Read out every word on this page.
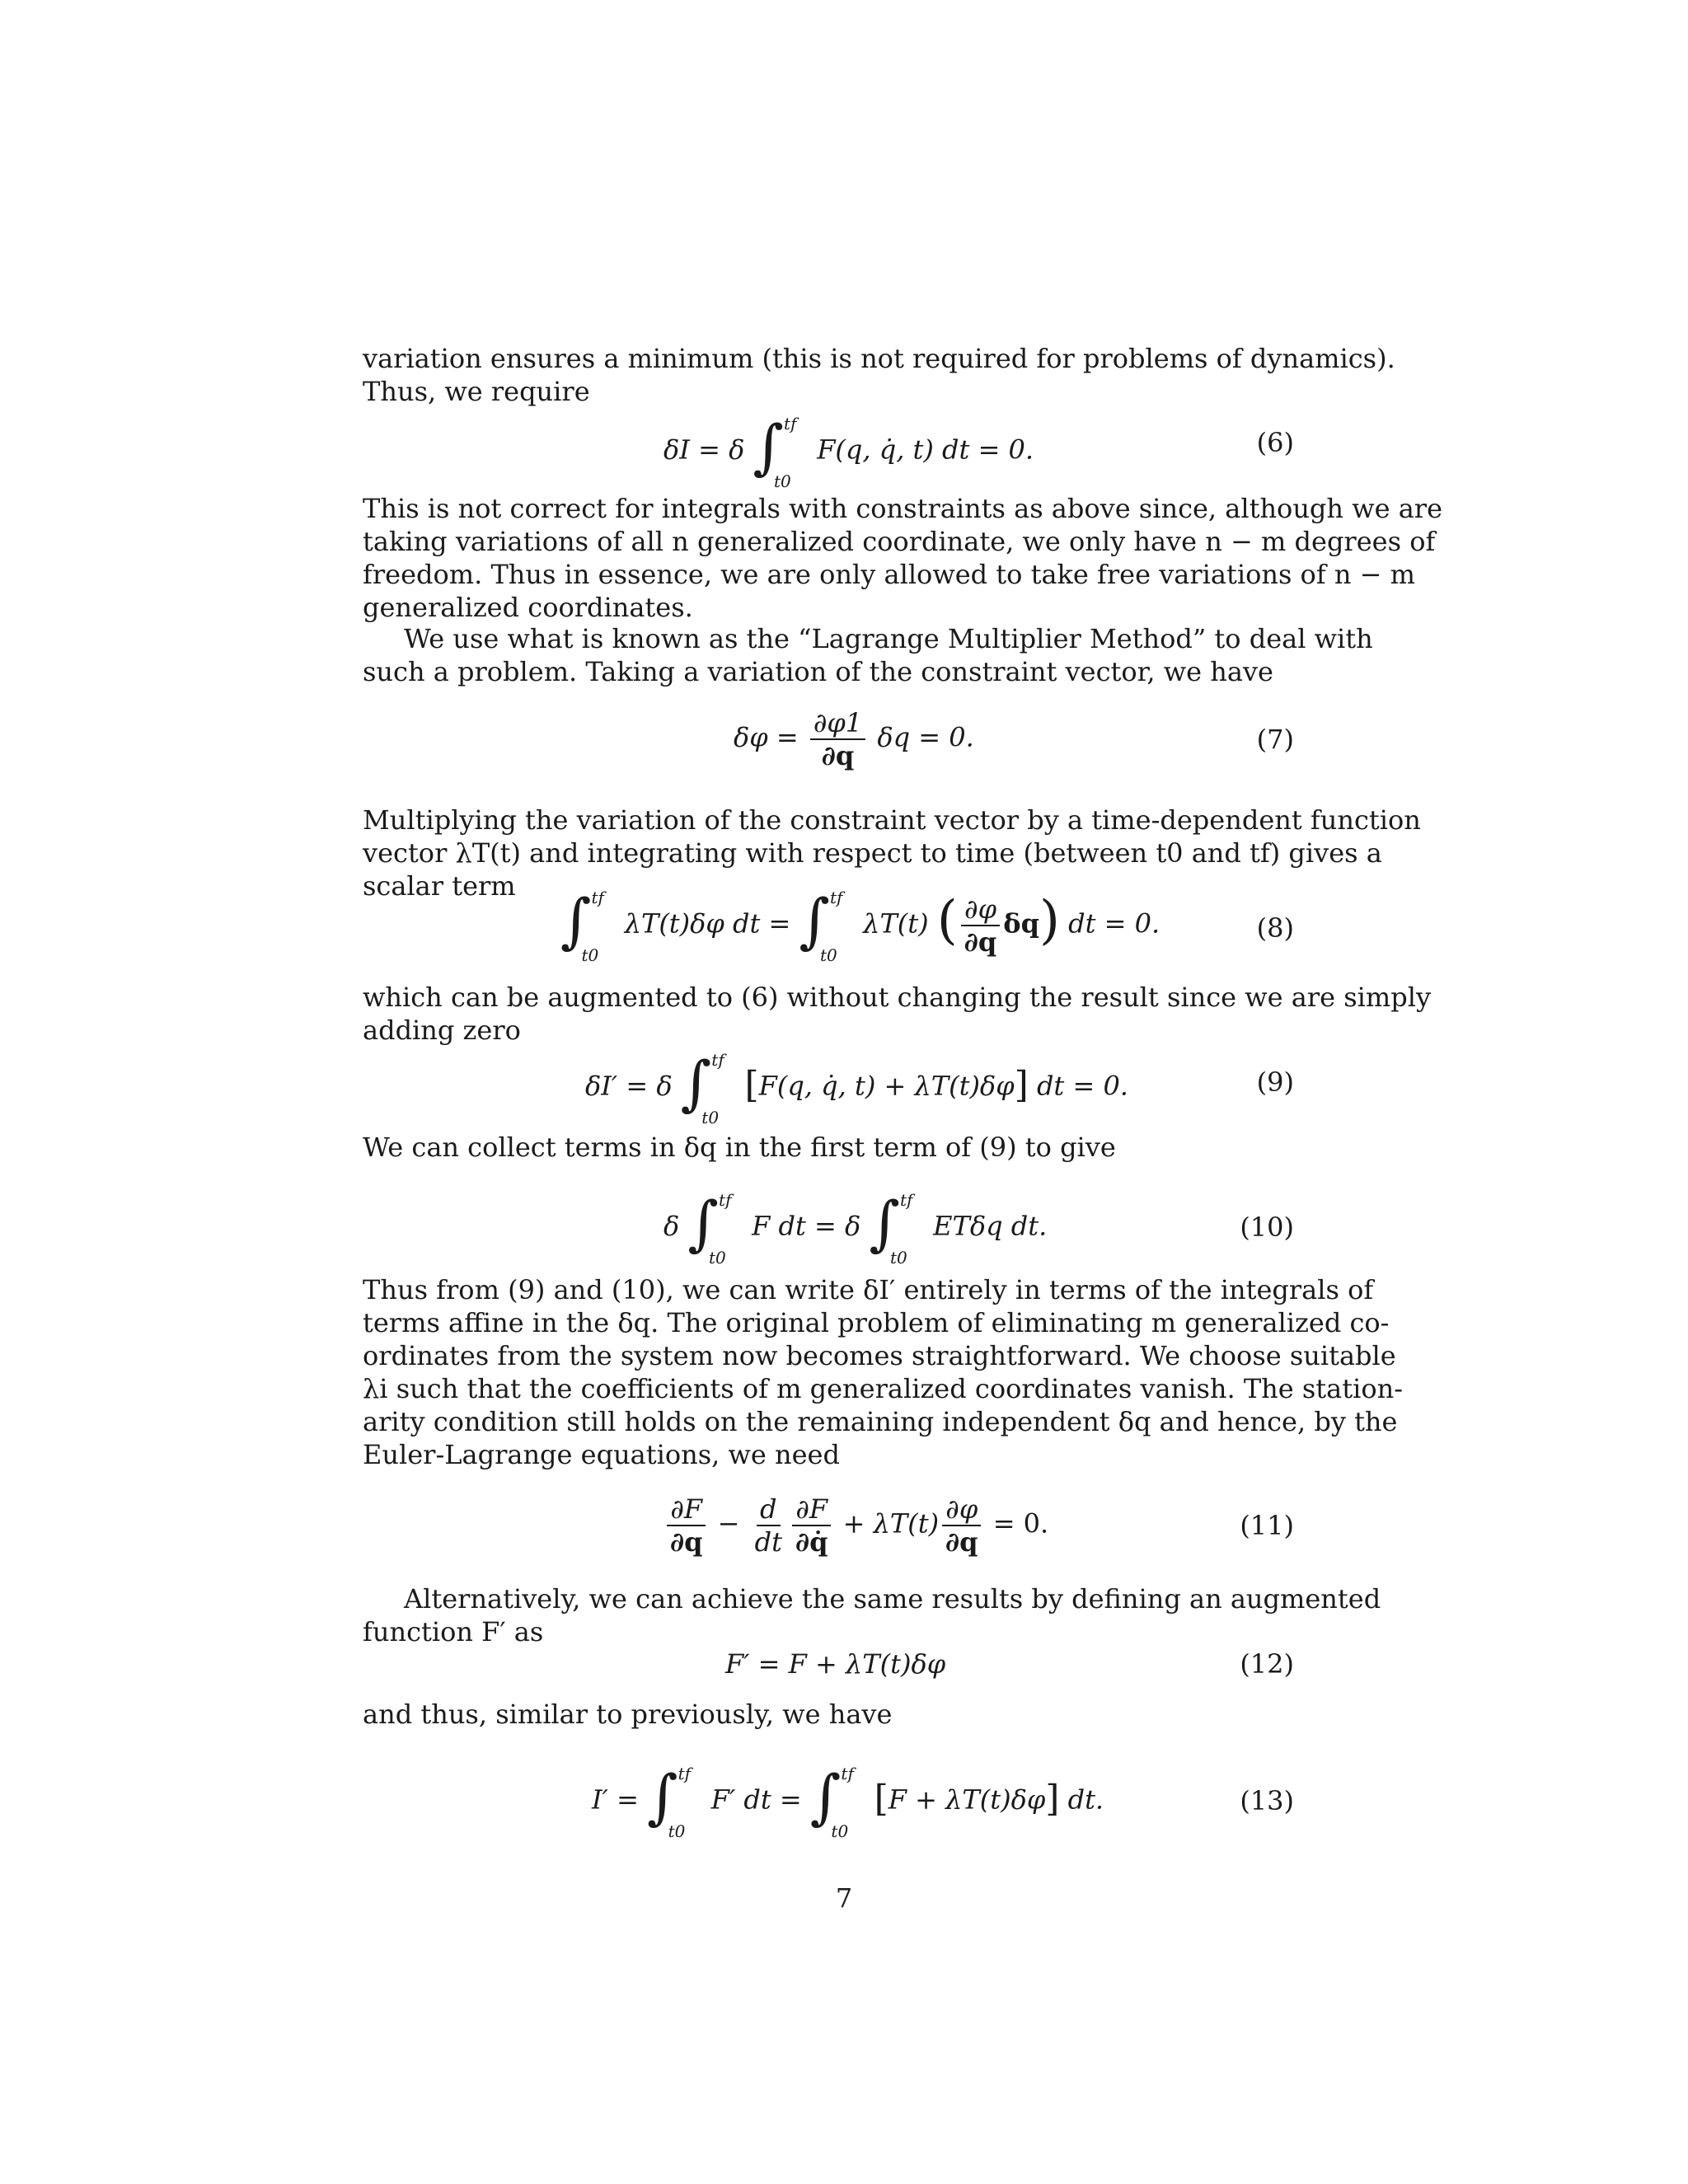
variation ensures a minimum (this is not required for problems of dynamics).
Thus, we require
δI = δ ∫ tf
t0
F(q, q̇, t) dt = 0.	(6)
This is not correct for integrals with constraints as above since, although we are
taking variations of all n generalized coordinate, we only have n − m degrees of
freedom. Thus in essence, we are only allowed to take free variations of n − m
generalized coordinates.
We use what is known as the “Lagrange Multiplier Method” to deal with
such a problem. Taking a variation of the constraint vector, we have
$\delta\varphi = \frac{\partial\varphi 1}{\partial q}$ δq = 0.	(7)
Multiplying the variation of the constraint vector by a time-dependent function
vector λT(t) and integrating with respect to time (between t0 and tf) gives a
scalar term ∫ tf
t0
λT(t)δφ dt = ∫ tf
t0
λT(t) ( $\frac{\partial\varphi}{\partial q} \delta q$) dt = 0.	(8)
which can be augmented to (6) without changing the result since we are simply
adding zero
δI′ = δ ∫ tf
t0
[F(q, q̇, t) + λT(t)δφ] dt = 0.	(9)
We can collect terms in δq in the first term of (9) to give
δ ∫ tf
t0
F dt = δ ∫ tf
t0
ETδq dt.	(10)
Thus from (9) and (10), we can write δI′ entirely in terms of the integrals of
terms affine in the δq. The original problem of eliminating m generalized co-
ordinates from the system now becomes straightforward. We choose suitable
λi such that the coefficients of m generalized coordinates vanish. The station-
arity condition still holds on the remaining independent δq and hence, by the
Euler-Lagrange equations, we need
$\frac{\partial F}{\partial q} - \frac{d}{dt} \frac{\partial F}{\partial q̇} + \lambda T(t) \frac{\partial\varphi}{\partial q} = 0$.	(11)
Alternatively, we can achieve the same results by defining an augmented
function F′ as
F′ = F + λT(t)δφ	(12)
and thus, similar to previously, we have
I′ = ∫ tf
t0
F′ dt = ∫ tf
t0
[F + λT(t)δφ] dt.	(13)
7
